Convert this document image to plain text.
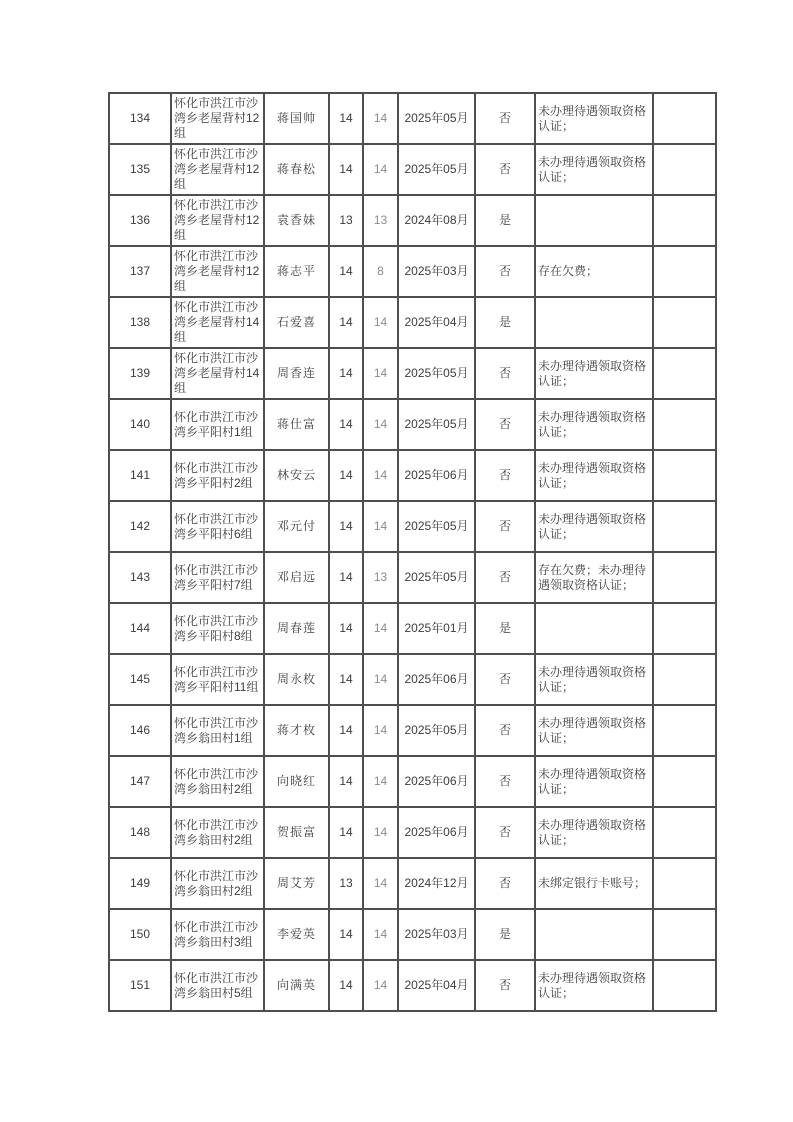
134	怀化市洪江市沙湾乡老屋背村12组	蒋国帅	14	14	2025年05月	否	未办理待遇领取资格认证；	
135	怀化市洪江市沙湾乡老屋背村12组	蒋春松	14	14	2025年05月	否	未办理待遇领取资格认证；	
136	怀化市洪江市沙湾乡老屋背村12组	袁香妹	13	13	2024年08月	是		
137	怀化市洪江市沙湾乡老屋背村12组	蒋志平	14	8	2025年03月	否	存在欠费；	
138	怀化市洪江市沙湾乡老屋背村14组	石爱喜	14	14	2025年04月	是		
139	怀化市洪江市沙湾乡老屋背村14组	周香连	14	14	2025年05月	否	未办理待遇领取资格认证；	
140	怀化市洪江市沙湾乡平阳村1组	蒋仕富	14	14	2025年05月	否	未办理待遇领取资格认证；	
141	怀化市洪江市沙湾乡平阳村2组	林安云	14	14	2025年06月	否	未办理待遇领取资格认证；	
142	怀化市洪江市沙湾乡平阳村6组	邓元付	14	14	2025年05月	否	未办理待遇领取资格认证；	
143	怀化市洪江市沙湾乡平阳村7组	邓启远	14	13	2025年05月	否	存在欠费；未办理待遇领取资格认证；	
144	怀化市洪江市沙湾乡平阳村8组	周春莲	14	14	2025年01月	是		
145	怀化市洪江市沙湾乡平阳村11组	周永枚	14	14	2025年06月	否	未办理待遇领取资格认证；	
146	怀化市洪江市沙湾乡翁田村1组	蒋才枚	14	14	2025年05月	否	未办理待遇领取资格认证；	
147	怀化市洪江市沙湾乡翁田村2组	向晓红	14	14	2025年06月	否	未办理待遇领取资格认证；	
148	怀化市洪江市沙湾乡翁田村2组	贺振富	14	14	2025年06月	否	未办理待遇领取资格认证；	
149	怀化市洪江市沙湾乡翁田村2组	周艾芳	13	14	2024年12月	否	未绑定银行卡账号；	
150	怀化市洪江市沙湾乡翁田村3组	李爱英	14	14	2025年03月	是		
151	怀化市洪江市沙湾乡翁田村5组	向满英	14	14	2025年04月	否	未办理待遇领取资格认证；	
